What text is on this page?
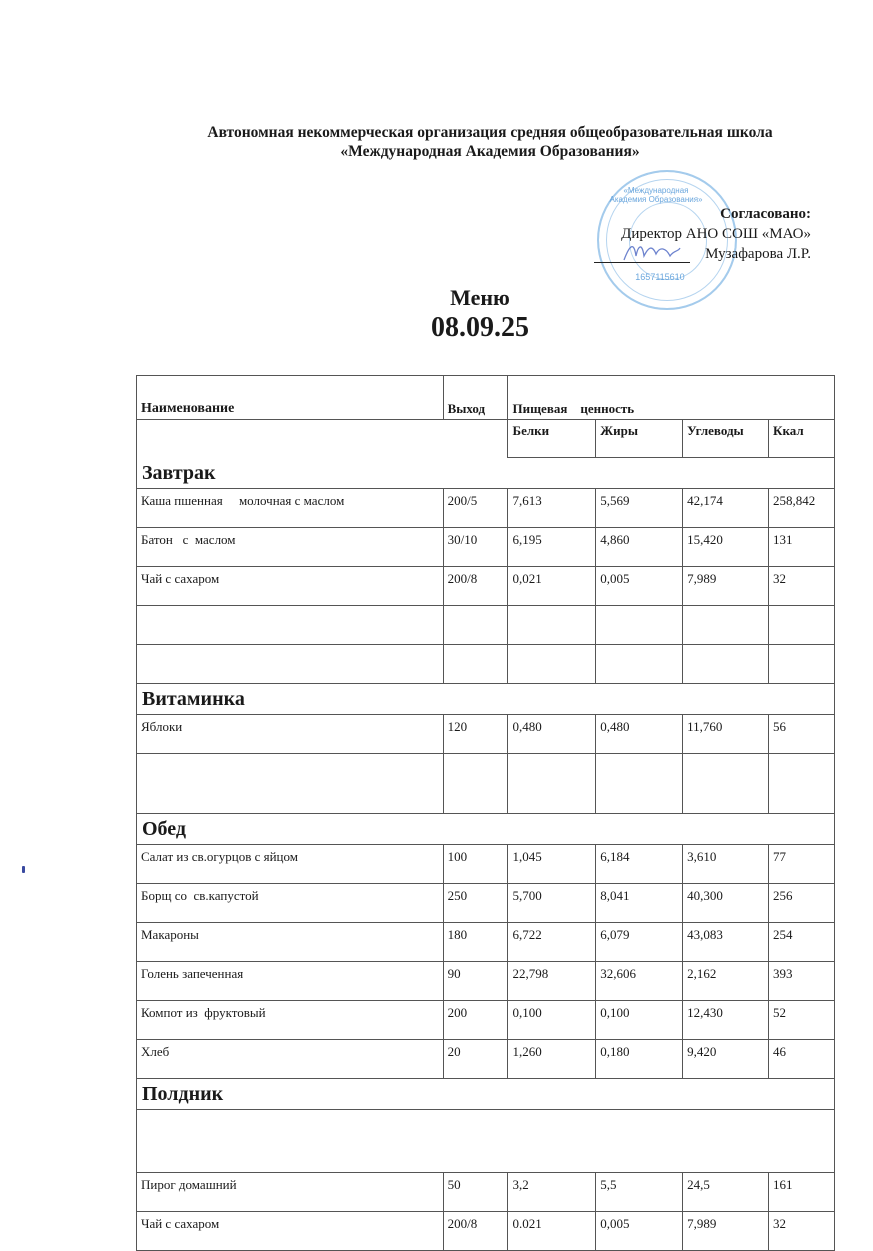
Автономная некоммерческая организация средняя общеобразовательная школа
«Международная Академия Образования»
«Международная Академия Образования»
1657115610
Согласовано:
Директор АНО СОШ «МАО»
Музафарова Л.Р.
Меню
08.09.25
Наименование	Выход	Пищевая    ценность			
		Белки	Жиры	Углеводы	Ккал
Завтрак					
Каша пшенная     молочная с маслом	200/5	7,613	5,569	42,174	258,842
Батон   с  маслом	30/10	6,195	4,860	15,420	131
Чай с сахаром	200/8	0,021	0,005	7,989	32

Витаминка					
Яблоки	120	0,480	0,480	11,760	56

Обед					
Салат из св.огурцов с яйцом	100	1,045	6,184	3,610	77
Борщ со  св.капустой	250	5,700	8,041	40,300	256
Макароны	180	6,722	6,079	43,083	254
Голень запеченная	90	22,798	32,606	2,162	393
Компот из  фруктовый	200	0,100	0,100	12,430	52
Хлеб	20	1,260	0,180	9,420	46
Полдник					

Пирог домашний	50	3,2	5,5	24,5	161
Чай с сахаром	200/8	0.021	0,005	7,989	32
